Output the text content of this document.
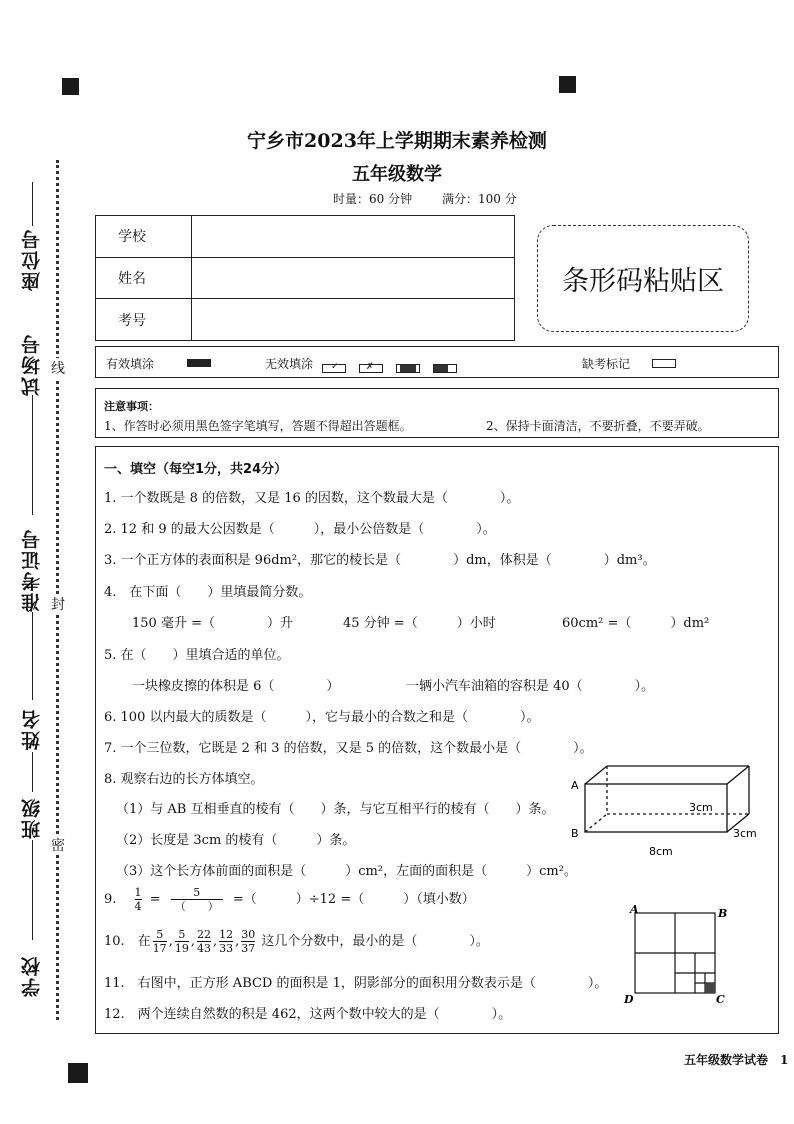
座位号
试场号
准考证号
姓名
班级
学校
线
封
密
宁乡市2023年上学期期末素养检测
五年级数学
时量：60 分钟 满分：100 分
学校	
姓名	
考号	
条形码粘贴区
有效填涂	无效填涂 ✓
	✗
	缺考标记
注意事项：
1、作答时必须用黑色签字笔填写，答题不得超出答题框。	2、保持卡面清洁，不要折叠，不要弄破。
一、填空（每空1分，共24分）
1. 一个数既是 8 的倍数，又是 16 的因数，这个数最大是（　　　　）。
2. 12 和 9 的最大公因数是（　　　），最小公倍数是（　　　　）。
3. 一个正方体的表面积是 96dm²，那它的棱长是（　　　　）dm，体积是（　　　　）dm³。
4.　在下面（　　）里填最简分数。
150 毫升 =（　　　　）升	45 分钟 =（　　　）小时	60cm² =（　　　）dm²
5. 在（　　）里填合适的单位。
一块橡皮擦的体积是 6（　　　　）	一辆小汽车油箱的容积是 40（　　　　）。
6. 100 以内最大的质数是（　　　），它与最小的合数之和是（　　　　）。
7. 一个三位数，它既是 2 和 3 的倍数，又是 5 的倍数，这个数最小是（　　　　）。
8. 观察右边的长方体填空。
（1）与 AB 互相垂直的棱有（　　）条，与它互相平行的棱有（　　）条。
（2）长度是 3cm 的棱有（　　　）条。
（3）这个长方体前面的面积是（　　　）cm²，左面的面积是（　　　）cm²。
9. $\frac{1}{4} = \frac{5}{( )}$ =（　　　）÷12 =（　　　）（填小数）
10.　在 $\frac{5}{17}$ , $\frac{5}{19}$ , $\frac{22}{43}$ , $\frac{12}{33}$ , $\frac{30}{37}$ 这几个分数中，最小的是（　　　　）。
11.　右图中，正方形 ABCD 的面积是 1，阴影部分的面积用分数表示是（　　　　）。
12.　两个连续自然数的积是 462，这两个数中较大的是（　　　　）。
A
B
3cm
3cm
8cm
A	B
C
D
五年级数学试卷　1
